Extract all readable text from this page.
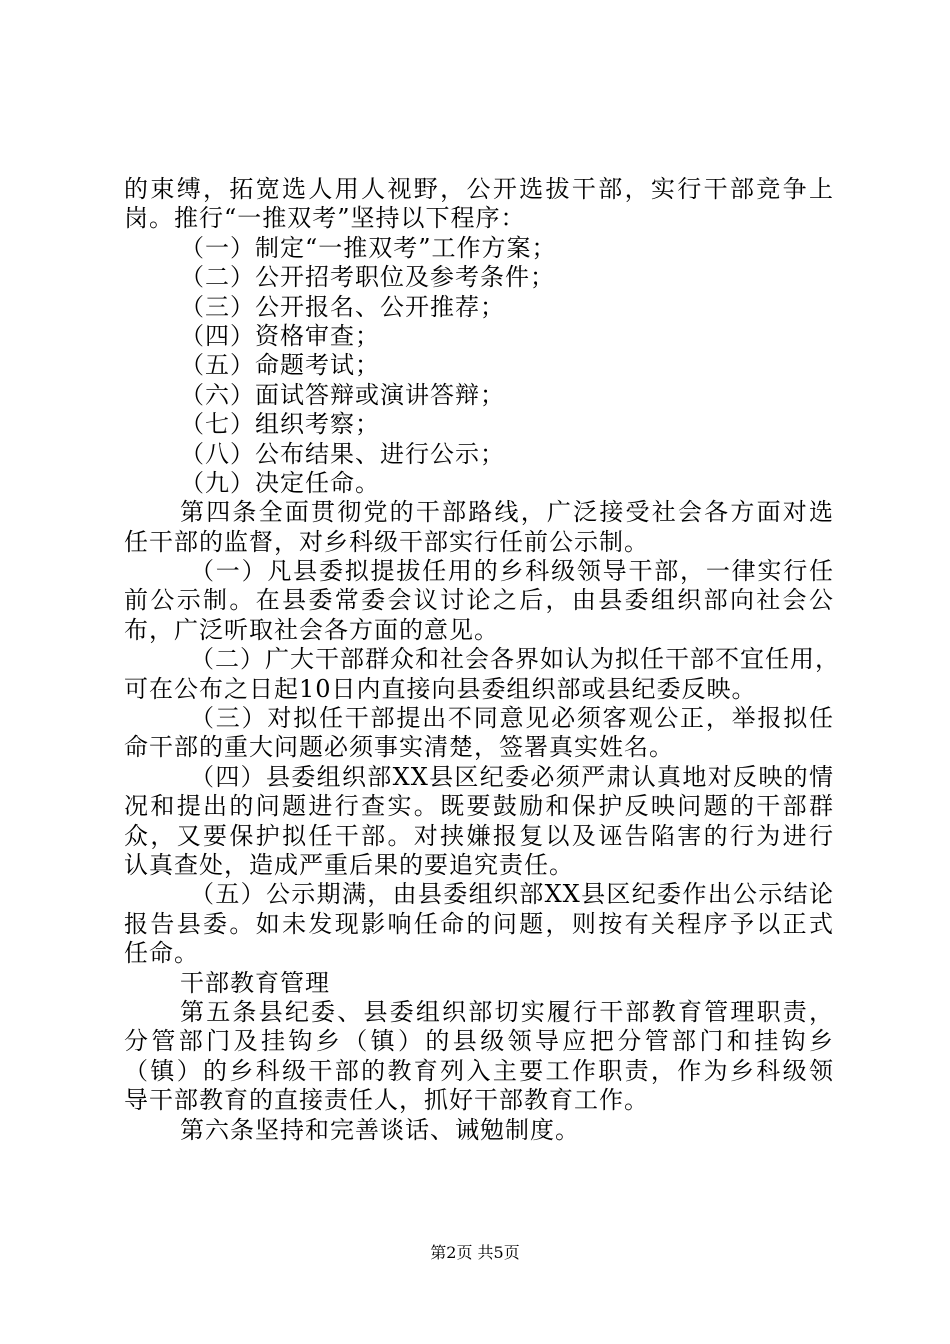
的束缚，拓宽选人用人视野，公开选拔干部，实行干部竞争上
岗。推行“一推双考”坚持以下程序：
（一）制定“一推双考”工作方案；
（二）公开招考职位及参考条件；
（三）公开报名、公开推荐；
（四）资格审查；
（五）命题考试；
（六）面试答辩或演讲答辩；
（七）组织考察；
（八）公布结果、进行公示；
（九）决定任命。
第四条全面贯彻党的干部路线，广泛接受社会各方面对选
任干部的监督，对乡科级干部实行任前公示制。
（一）凡县委拟提拔任用的乡科级领导干部，一律实行任
前公示制。在县委常委会议讨论之后，由县委组织部向社会公
布，广泛听取社会各方面的意见。
（二）广大干部群众和社会各界如认为拟任干部不宜任用，
可在公布之日起10日内直接向县委组织部或县纪委反映。
（三）对拟任干部提出不同意见必须客观公正，举报拟任
命干部的重大问题必须事实清楚，签署真实姓名。
（四）县委组织部XX县区纪委必须严肃认真地对反映的情
况和提出的问题进行查实。既要鼓励和保护反映问题的干部群
众，又要保护拟任干部。对挟嫌报复以及诬告陷害的行为进行
认真查处，造成严重后果的要追究责任。
（五）公示期满，由县委组织部XX县区纪委作出公示结论
报告县委。如未发现影响任命的问题，则按有关程序予以正式
任命。
干部教育管理
第五条县纪委、县委组织部切实履行干部教育管理职责，
分管部门及挂钩乡（镇）的县级领导应把分管部门和挂钩乡
（镇）的乡科级干部的教育列入主要工作职责，作为乡科级领
导干部教育的直接责任人，抓好干部教育工作。
第六条坚持和完善谈话、诫勉制度。
第2页 共5页
